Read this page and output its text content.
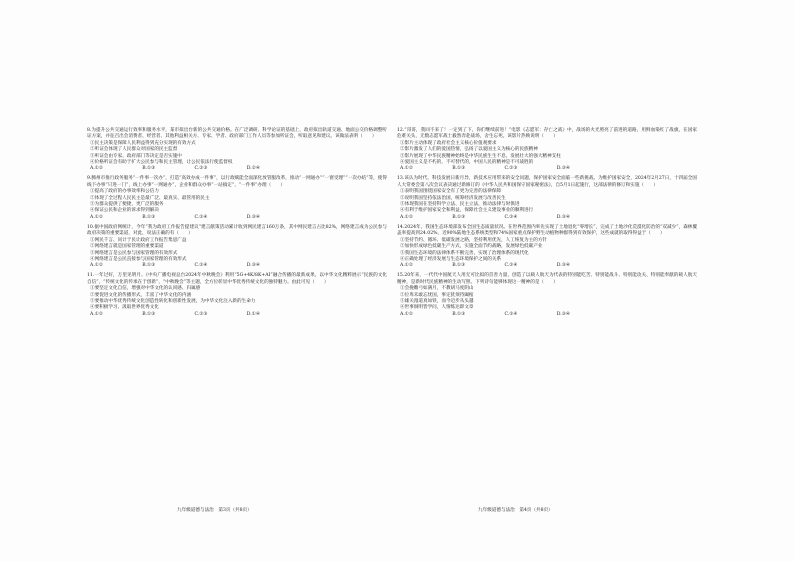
8.为提升公共交通运行效率和服务水平，某市拟出台新的公共交通价格。在广泛调研、科学论证的基础上，政府拟出轨道交通、地面公交价格调整听证方案，并征召出会消费者、经营者、其他利益相关方、专家、学者、政府部门工作人员等参加听证会，听取意见和建议。该做法表明（　　）
①民主决策是保障人民利益得到充分实现的有效方式
②听证会体现了人民群众对国家的民主监督
③听证会由专家、政府部门等决定是否实施中
④价格听证会有助于扩大公民参与和民主管理，让公民依法行使监督权
A.①②	B.①③	C.②③	D.②④
9.腾州市推行政务服务“一件事一次办”，打造“高效办成一件事”，以行政赋能全面深化放管服改革，推动“一网通办”“一窗受理”“一次办结”等，使得线下办事“只进一门”，线上办事“一网通办”，企业和群众办事“一站搞定”，“一件事”办理（　　）
①提高了政府的办事效率和公信力
②体现了全过程人民民主是最广泛、最真实、最管用的民主
③为群众提供了便捷，更广泛的服务
④保证公民和企业的诉求得到解决
A.①②	B.①③	C.②④	D.③④
10.据中国政府网统计，今年“我为政府工作报告提建议”建言献策活动累计收到网民建言160万条，其中网民建言占比82%，网络建言成为公民参与政府决策的重要渠道，对此，说法正确的有（　　）
①网民千言、问计于民让政府工作报告集思广益
②网络建言就是国家管理的重要渠道
③网络建言是公民参与国家管理的有效形式
④网络建言是公民直接参与国家管理的有效形式
A.①②	B.①③	C.②④	D.③④
11.一年过好，万里见明月。《中央广播电视总台2024年中秋晚会》利用“5G+4K/8K+AI”融合传播的最新成果，以中华文化精粹展示“民族的文化自信”，“传统文化的传承在于创新”，“中秋晚会”等主题，全方位彰显中华优秀传统文化的独特魅力。由此可见（　　）
①要坚定文化自信，增强对中华文化的认同感、归属感
②要促进文化的传播形式，丰富了中华文化的内涵
③要推动中华优秀传统文化创造性转化和创新性发展，为中华文化注入新的生命力
④要积极学习、汲取世界优秀文化
A.①②	B.①③	C.②③	D.①④
12.“哥哥，我回不来了！一定到了下，你们继续前进！”电影《志愿军：存亡之战》中，战场的火光照亮了前进的道路，用鲜血染红了战旗，在国家危难关头，无数志愿军战士毅然奔赴战场，舍生忘死。该影片热映说明（　　）
①影片主动体现了政府社会主义核心价值观要求
②影片激发了人们的爱国热情，弘扬了以爱国主义为核心的民族精神
③影片展现了中华民族精神始终是中华民族生生不息，发展壮大的强大精神支柱
④爱国主义是不朽的，不可替代的，中国人民的精神是不可战胜的
A.①②	B.①③	C.②③	D.③④
13.该认为时代，科技发展日新月异，新技术应用带来的安全问题，保护国家安全面临一些新挑战。为维护国家安全，2024年2月27日，十四届全国人大常委会第八次会议表决通过新修订的《中华人民共和国保守国家秘密法》，自5月1日起施行，这部法律的修订和实施（　　）
①表明我国围绕国家安全有了更为完善的法律保障
②说明我国坚持依法治国，统筹经济发展与改善民生
③体现我国在坚持科学立法、民主立法，推动法律与时俱进
④有利于维护国家安全和利益，保障社会主义建设事业的顺利进行
A.①②	B.①③	C.②④	D.③④
14.2024年，我国生态环境部发布全国生态质量状况。在世界范围内率先实现了土地退化“零增长”，完成了土地沙化荒漠化防治的“双减少”，森林覆盖率提高到24.02%，近90%陆地生态系统类型和74%国家重点保护野生动植物种群得到有效保护，这些成就的取得得益于（　　）
①坚持节约、循环、低碳发展之路，坚持利用优先，人工恢复为主的方针
②加快形成绿色低碳生产方式，实施全面节约战略，发展绿色低碳产业
③我国生态环境的法律体系不断完善，实现了治理体系的现代化
④正确处理了经济发展与生态环境保护之间的关系
A.①②	B.①③	C.②④	D.③④
15.20年来，一代代中国航天人用无可比拟的首善力量，创造了以载人航天为代表的特别能吃苦、特别能战斗、特别能攻关、特别能奉献的载人航天精神，是新时代民族精神的生动写照。下列诗句能够体现这一精神的是（　　）
①会挽雕弓如满月，不教胡马度阴山
②位卑未敢忘忧国，事定犹须待阖棺
③雄关漫道真如铁，而今迈步从头越
④世事洞明皆学问，人情练达即文章
A.①②	B.①③	C.②④	D.③④
九年级道德与法治　第3页（共8页）	九年级道德与法治　第4页（共8页）
